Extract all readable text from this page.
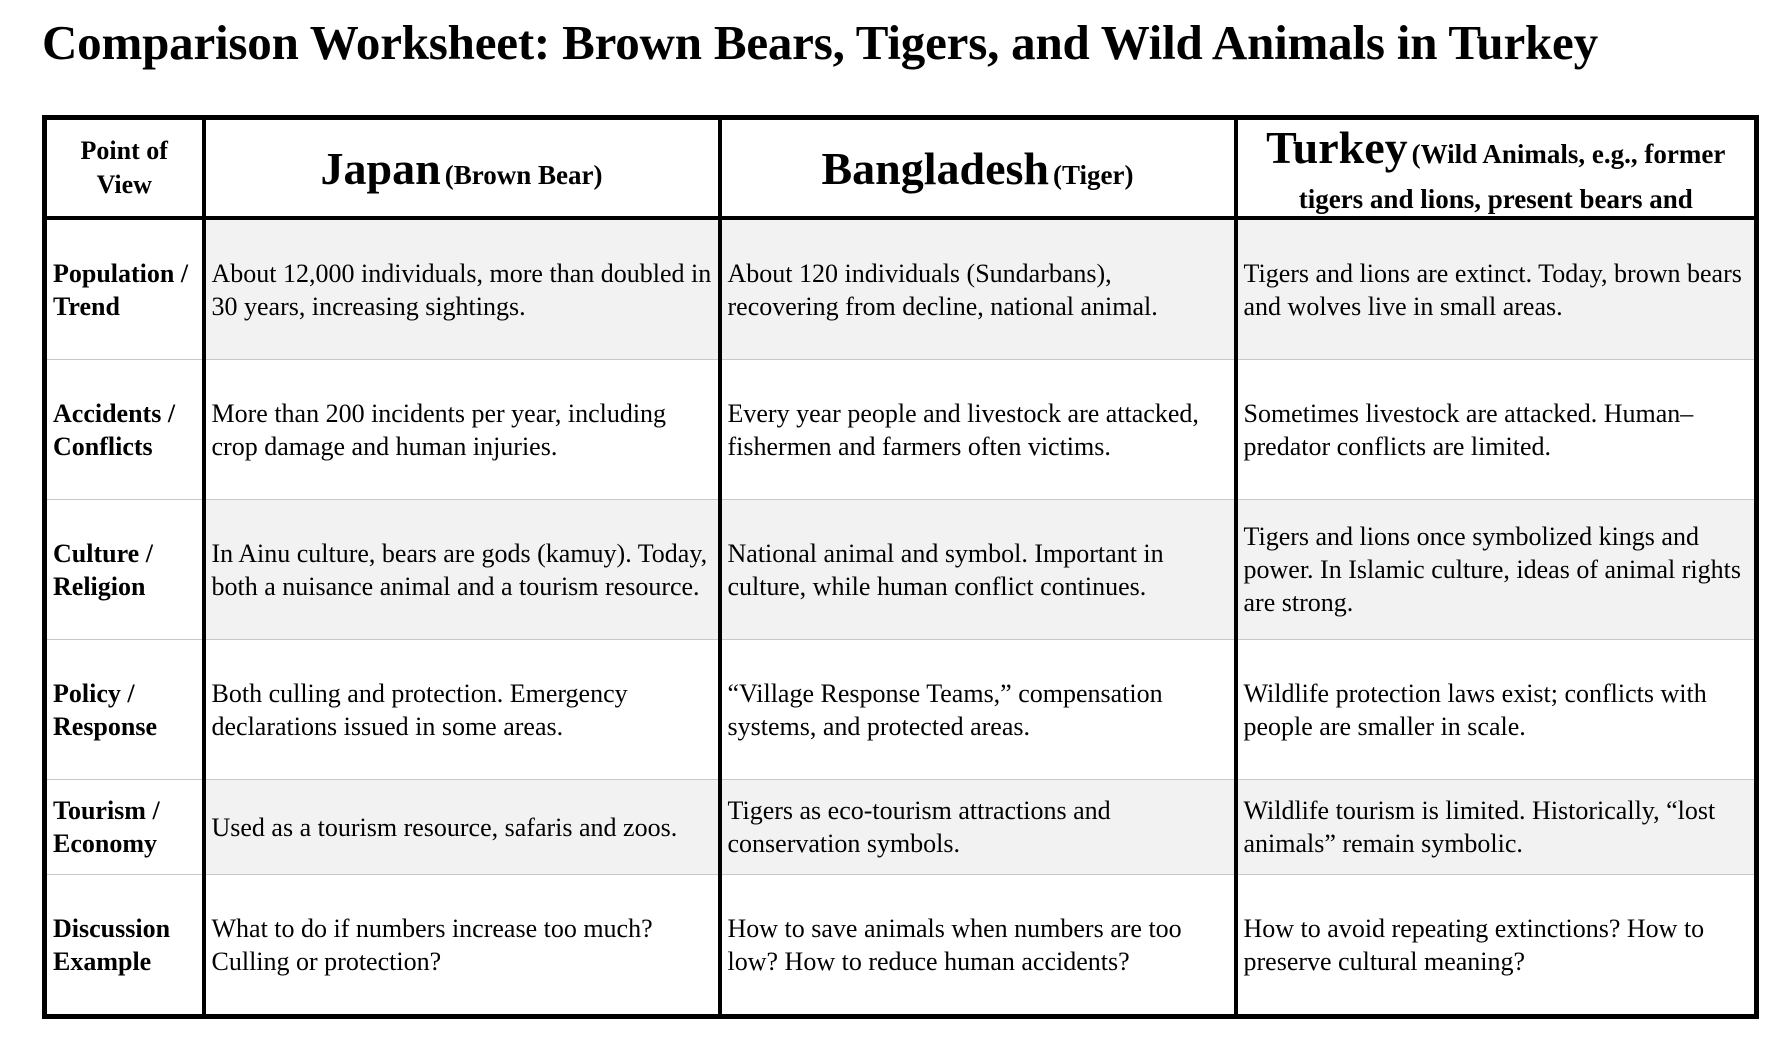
Comparison Worksheet: Brown Bears, Tigers, and Wild Animals in Turkey
Point of View	Japan (Brown Bear)	Bangladesh (Tiger)	Turkey (Wild Animals, e.g., former tigers and lions, present bears and

Population / Trend	About 12,000 individuals, more than doubled in 30 years, increasing sightings.	About 120 individuals (Sundarbans), recovering from decline, national animal.	Tigers and lions are extinct. Today, brown bears and wolves live in small areas.
Accidents / Conflicts	More than 200 incidents per year, including crop damage and human injuries.	Every year people and livestock are attacked, fishermen and farmers often victims.	Sometimes livestock are attacked. Human–predator conflicts are limited.
Culture / Religion	In Ainu culture, bears are gods (kamuy). Today, both a nuisance animal and a tourism resource.	National animal and symbol. Important in culture, while human conflict continues.	Tigers and lions once symbolized kings and power. In Islamic culture, ideas of animal rights are strong.
Policy / Response	Both culling and protection. Emergency declarations issued in some areas.	“Village Response Teams,” compensation systems, and protected areas.	Wildlife protection laws exist; conflicts with people are smaller in scale.
Tourism / Economy	Used as a tourism resource, safaris and zoos.	Tigers as eco-tourism attractions and conservation symbols.	Wildlife tourism is limited. Historically, “lost animals” remain symbolic.
Discussion Example	What to do if numbers increase too much? Culling or protection?	How to save animals when numbers are too low? How to reduce human accidents?	How to avoid repeating extinctions? How to preserve cultural meaning?
